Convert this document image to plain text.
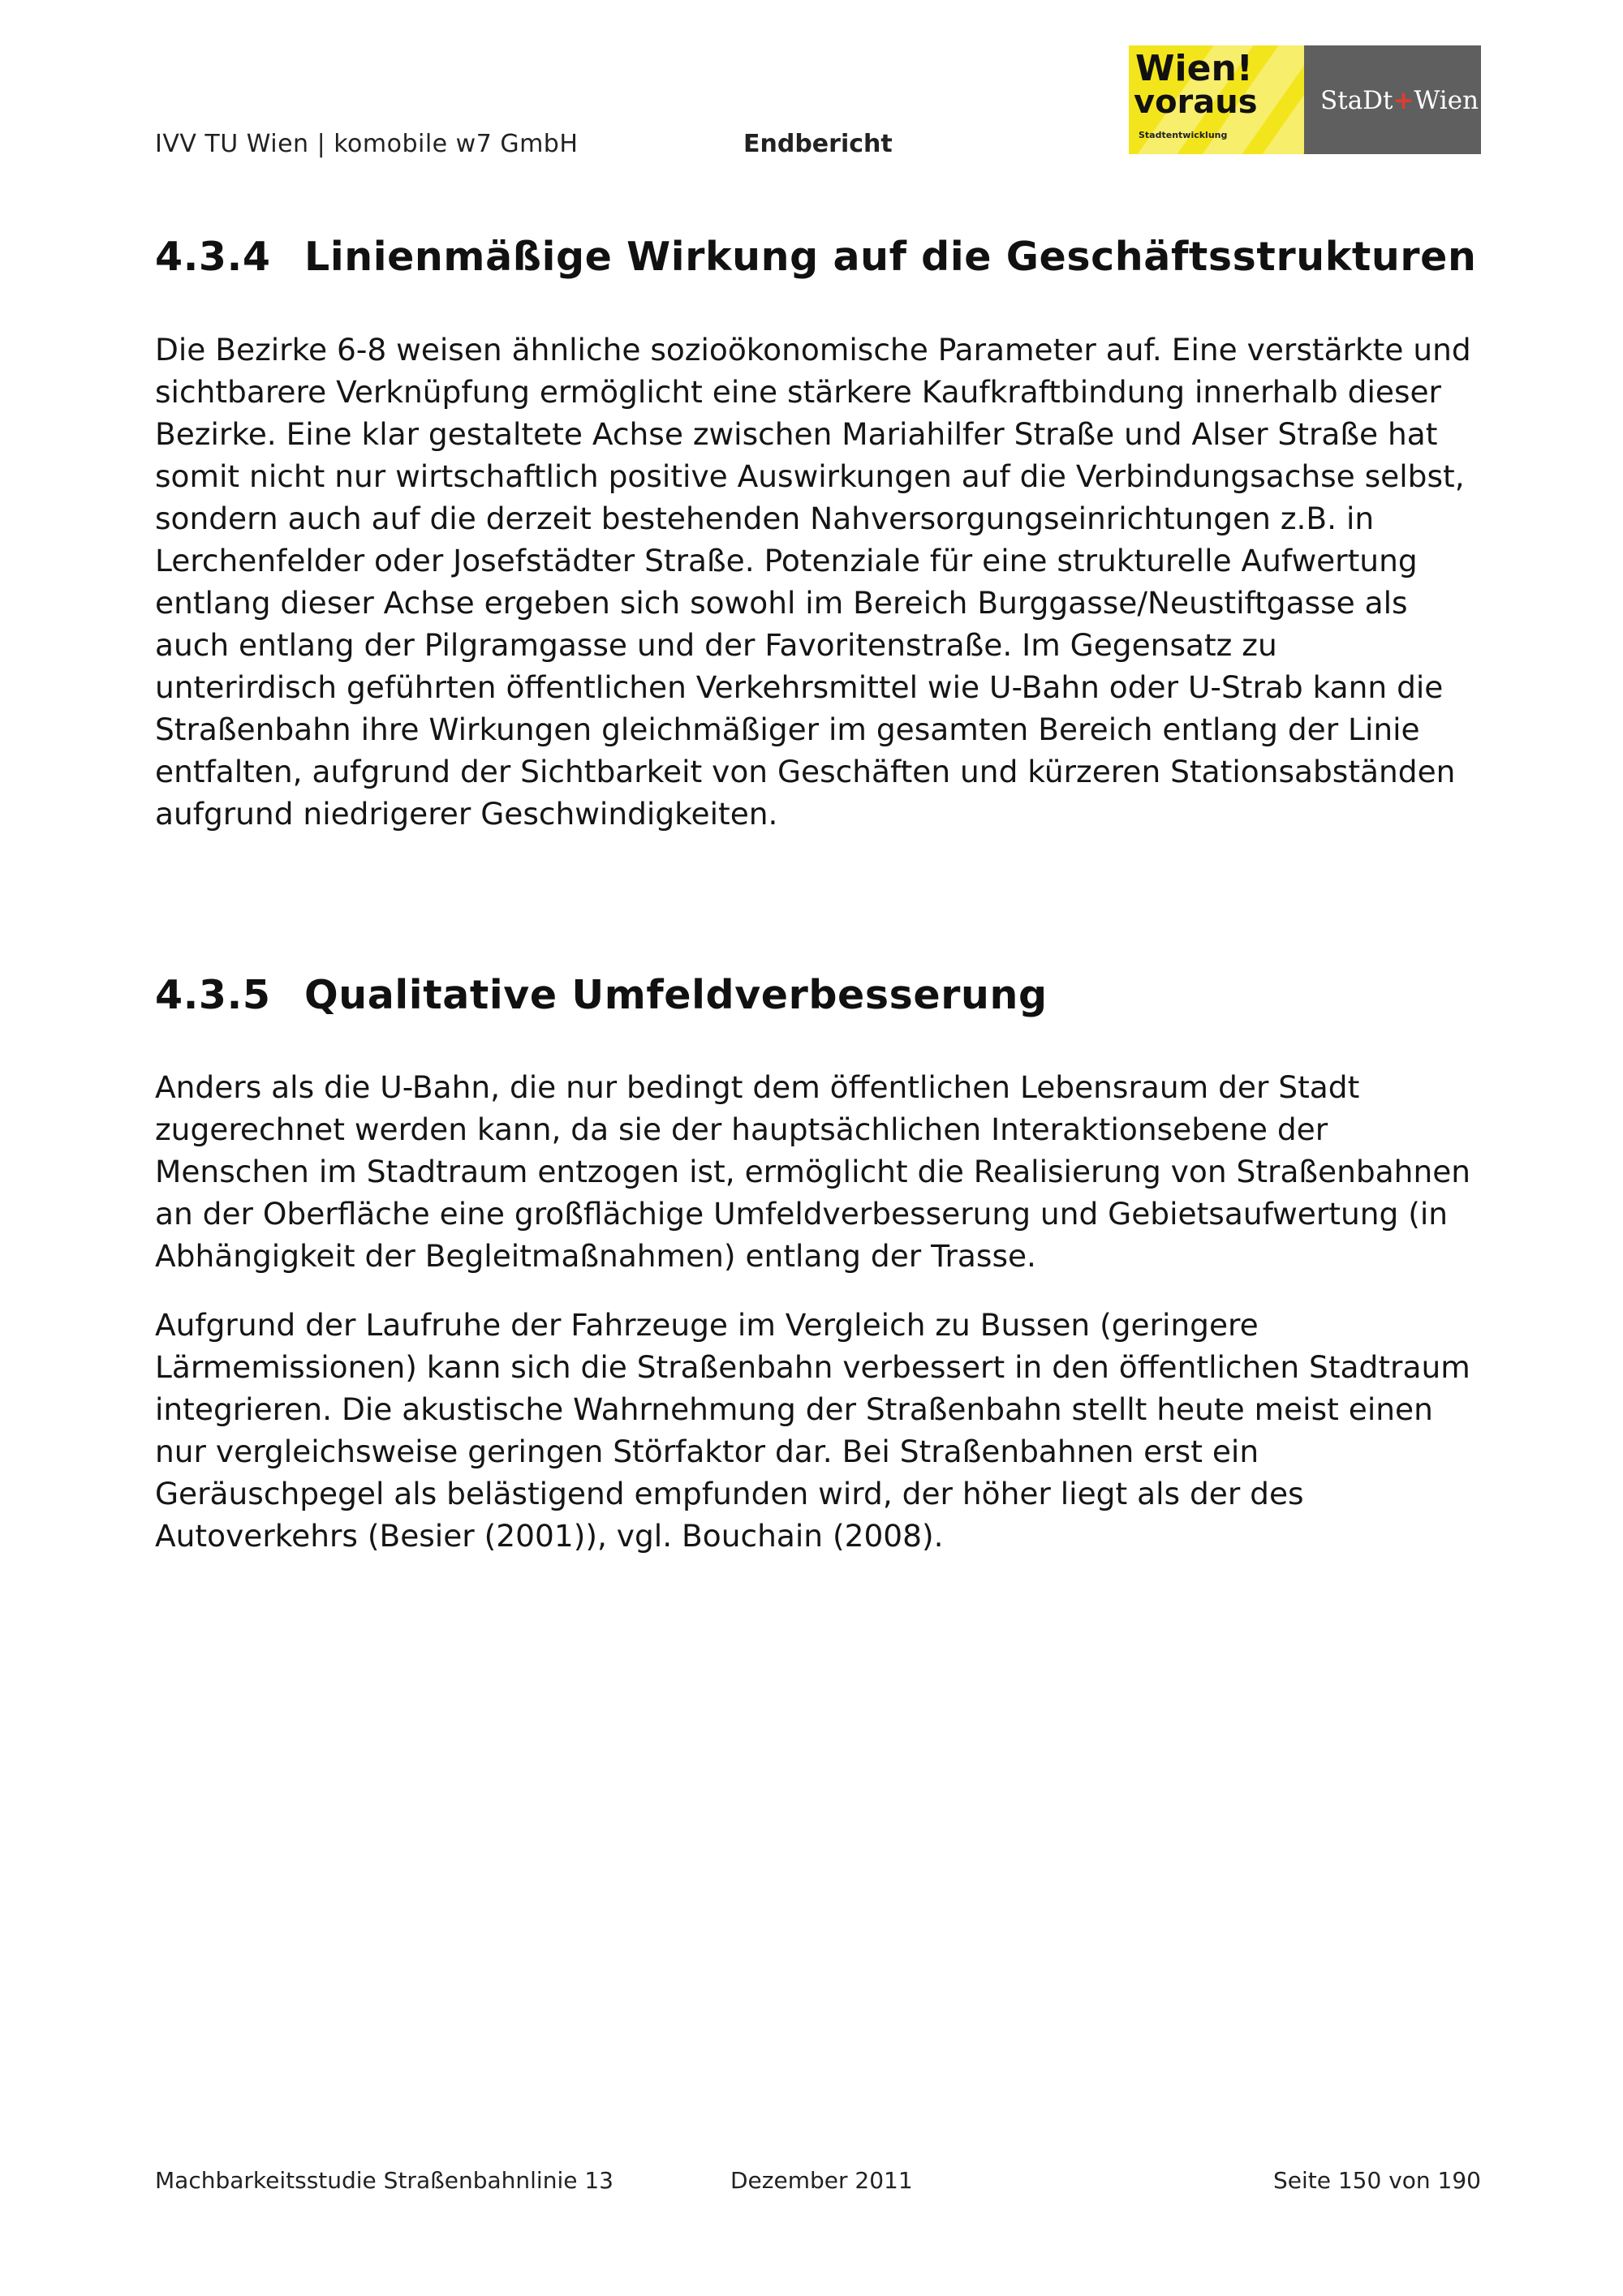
IVV TU Wien | komobile w7 GmbH	Endbericht
Wien!
voraus
Stadtentwicklung
StaDt+Wien
4.3.4 Linienmäßige Wirkung auf die Geschäftsstrukturen

Die Bezirke 6-8 weisen ähnliche sozioökonomische Parameter auf. Eine verstärkte und
sichtbarere Verknüpfung ermöglicht eine stärkere Kaufkraftbindung innerhalb dieser
Bezirke. Eine klar gestaltete Achse zwischen Mariahilfer Straße und Alser Straße hat
somit nicht nur wirtschaftlich positive Auswirkungen auf die Verbindungsachse selbst,
sondern auch auf die derzeit bestehenden Nahversorgungseinrichtungen z.B. in
Lerchenfelder oder Josefstädter Straße. Potenziale für eine strukturelle Aufwertung
entlang dieser Achse ergeben sich sowohl im Bereich Burggasse/Neustiftgasse als
auch entlang der Pilgramgasse und der Favoritenstraße. Im Gegensatz zu
unterirdisch geführten öffentlichen Verkehrsmittel wie U-Bahn oder U-Strab kann die
Straßenbahn ihre Wirkungen gleichmäßiger im gesamten Bereich entlang der Linie
entfalten, aufgrund der Sichtbarkeit von Geschäften und kürzeren Stationsabständen
aufgrund niedrigerer Geschwindigkeiten.

4.3.5 Qualitative Umfeldverbesserung

Anders als die U-Bahn, die nur bedingt dem öffentlichen Lebensraum der Stadt
zugerechnet werden kann, da sie der hauptsächlichen Interaktionsebene der
Menschen im Stadtraum entzogen ist, ermöglicht die Realisierung von Straßenbahnen
an der Oberfläche eine großflächige Umfeldverbesserung und Gebietsaufwertung (in
Abhängigkeit der Begleitmaßnahmen) entlang der Trasse.

Aufgrund der Laufruhe der Fahrzeuge im Vergleich zu Bussen (geringere
Lärmemissionen) kann sich die Straßenbahn verbessert in den öffentlichen Stadtraum
integrieren. Die akustische Wahrnehmung der Straßenbahn stellt heute meist einen
nur vergleichsweise geringen Störfaktor dar. Bei Straßenbahnen erst ein
Geräuschpegel als belästigend empfunden wird, der höher liegt als der des
Autoverkehrs (Besier (2001)), vgl. Bouchain (2008).

Machbarkeitsstudie Straßenbahnlinie 13	Dezember 2011	Seite 150 von 190
